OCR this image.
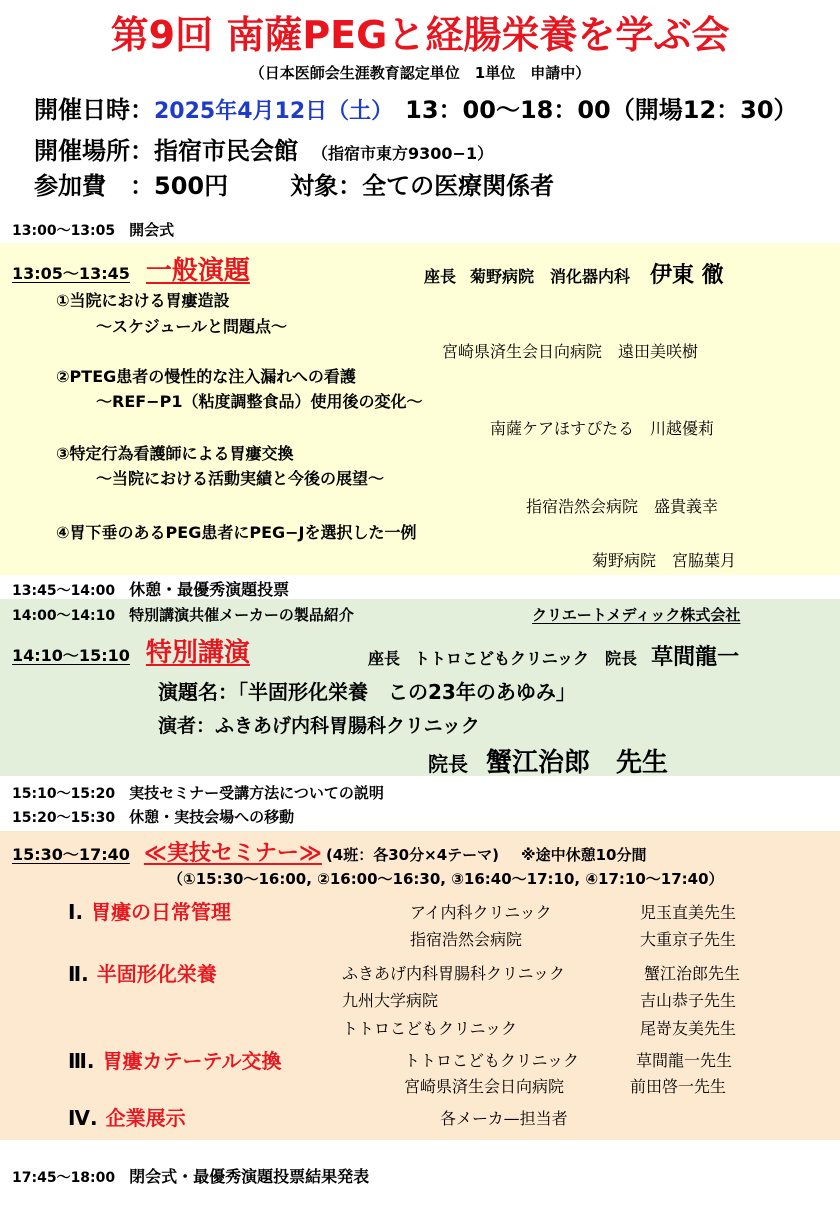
第9回 南薩PEGと経腸栄養を学ぶ会
（日本医師会生涯教育認定単位　1単位　申請中）
開催日時：2025年4月12日（土） 13：00〜18：00（開場12：30）
開催場所：指宿市民会館 （指宿市東方9300−1）
参加費　：500円	対象：全ての医療関係者
13:00〜13:05 開会式
13:05〜13:45 一般演題	座長 菊野病院　消化器内科 伊東 徹
①当院における胃瘻造設
〜スケジュールと問題点〜
宮崎県済生会日向病院　遠田美咲樹
②PTEG患者の慢性的な注入漏れへの看護
〜REF−P1（粘度調整食品）使用後の変化〜
南薩ケアほすぴたる　川越優莉
③特定行為看護師による胃瘻交換
〜当院における活動実績と今後の展望〜
指宿浩然会病院　盛貴義幸
④胃下垂のあるPEG患者にPEG−Jを選択した一例
菊野病院　宮脇葉月
13:45〜14:00 休憩・最優秀演題投票
14:00〜14:10 特別講演共催メーカーの製品紹介	クリエートメディック株式会社
14:10〜15:10 特別講演	座長 トトロこどもクリニック　院長 草間龍一
演題名：「半固形化栄養　この23年のあゆみ」
演者：ふきあげ内科胃腸科クリニック
院長 蟹江治郎　先生
15:10〜15:20 実技セミナー受講方法についての説明
15:20〜15:30 休憩・実技会場への移動
15:30〜17:40 ≪実技セミナー≫ (4班：各30分×4テーマ) ※途中休憩10分間
（①15:30〜16:00, ②16:00〜16:30, ③16:40〜17:10, ④17:10〜17:40）
Ⅰ. 胃瘻の日常管理	アイ内科クリニック	児玉直美先生
指宿浩然会病院	大重京子先生
Ⅱ. 半固形化栄養	ふきあげ内科胃腸科クリニック	蟹江治郎先生
九州大学病院	吉山恭子先生
トトロこどもクリニック	尾嵜友美先生
Ⅲ. 胃瘻カテーテル交換	トトロこどもクリニック	草間龍一先生
宮崎県済生会日向病院	前田啓一先生
Ⅳ. 企業展示	各メーカ—担当者
17:45〜18:00 閉会式・最優秀演題投票結果発表
